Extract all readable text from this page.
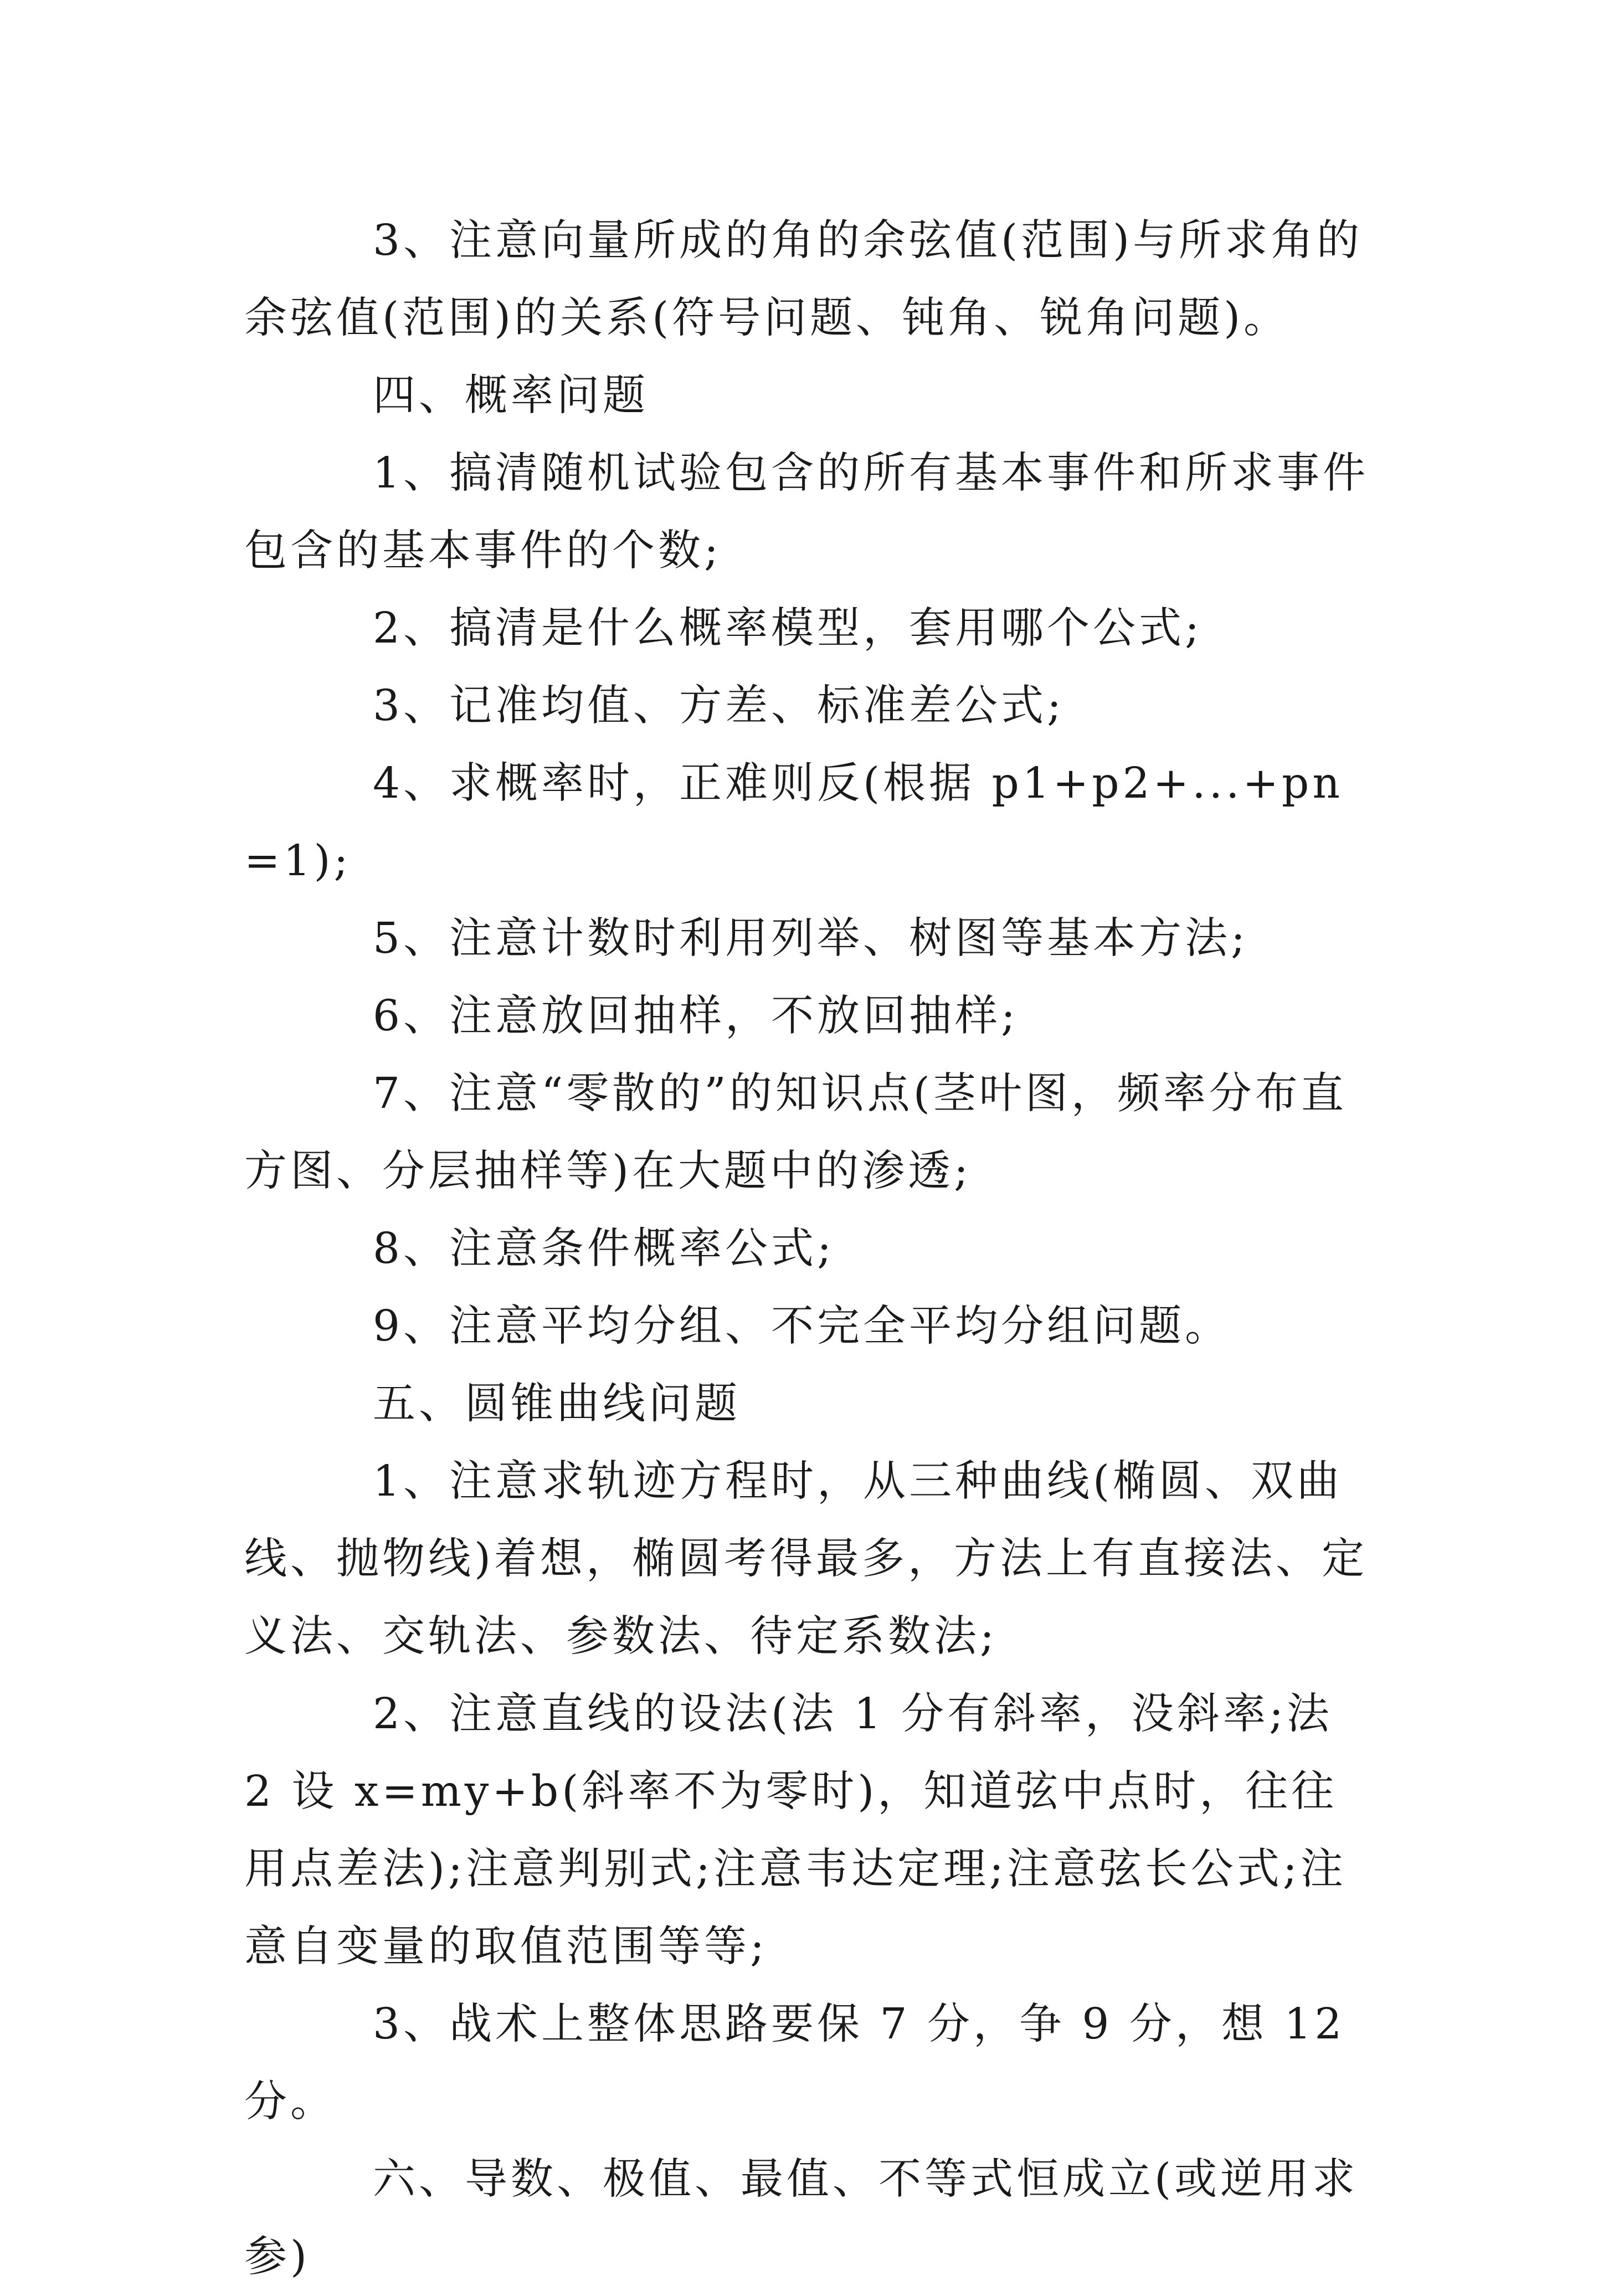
3、注意向量所成的角的余弦值(范围)与所求角的余弦值(范围)的关系(符号问题、钝角、锐角问题)。

四、概率问题

1、搞清随机试验包含的所有基本事件和所求事件包含的基本事件的个数;

2、搞清是什么概率模型，套用哪个公式;

3、记准均值、方差、标准差公式;

4、求概率时，正难则反(根据 p1+p2+...+pn=1);

5、注意计数时利用列举、树图等基本方法;

6、注意放回抽样，不放回抽样;

7、注意“零散的”的知识点(茎叶图，频率分布直方图、分层抽样等)在大题中的渗透;

8、注意条件概率公式;

9、注意平均分组、不完全平均分组问题。

五、圆锥曲线问题

1、注意求轨迹方程时，从三种曲线(椭圆、双曲线、抛物线)着想，椭圆考得最多，方法上有直接法、定义法、交轨法、参数法、待定系数法;

2、注意直线的设法(法 1 分有斜率，没斜率;法 2 设 x=my+b(斜率不为零时)，知道弦中点时，往往用点差法);注意判别式;注意韦达定理;注意弦长公式;注意自变量的取值范围等等;

3、战术上整体思路要保 7 分，争 9 分，想 12 分。

六、导数、极值、最值、不等式恒成立(或逆用求参)
